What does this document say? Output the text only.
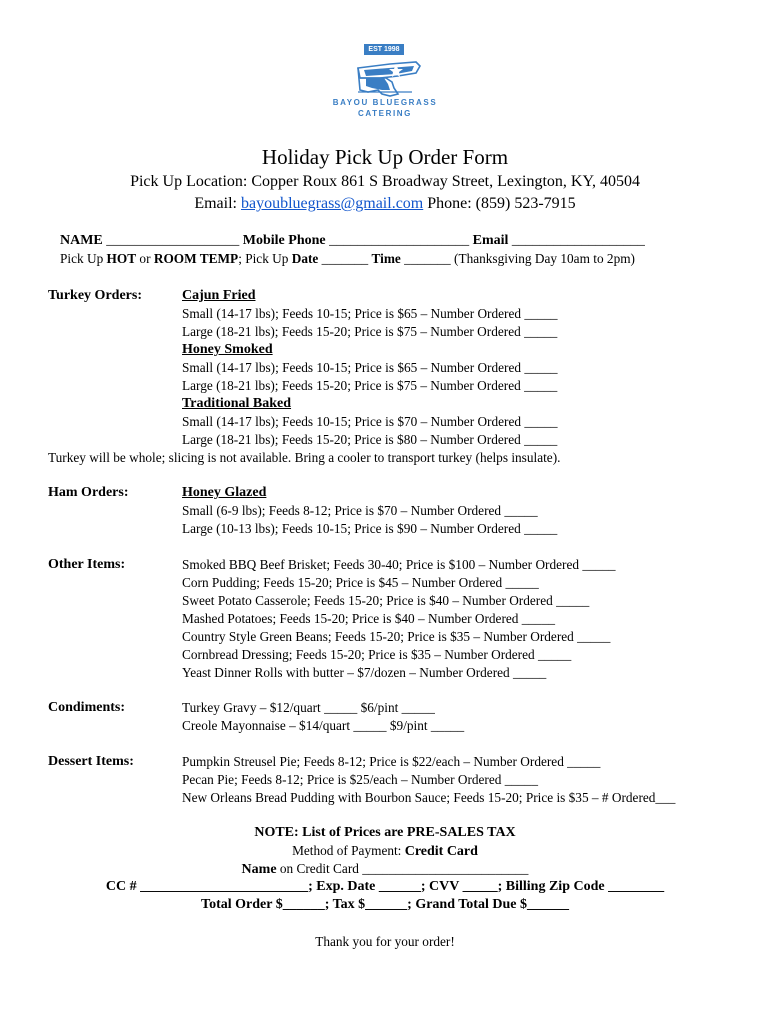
EST 1998
BAYOU BLUEGRASS
CATERING
Holiday Pick Up Order Form
Pick Up Location: Copper Roux 861 S Broadway Street, Lexington, KY, 40504
Email: bayoubluegrass@gmail.com Phone: (859) 523-7915
NAME ___________________ Mobile Phone ____________________ Email ___________________
Pick Up HOT or ROOM TEMP; Pick Up Date _______ Time _______ (Thanksgiving Day 10am to 2pm)
Turkey Orders:	Cajun Fried
Small (14-17 lbs); Feeds 10-15; Price is $65 – Number Ordered _____
Large (18-21 lbs); Feeds 15-20; Price is $75 – Number Ordered _____
Honey Smoked
Small (14-17 lbs); Feeds 10-15; Price is $65 – Number Ordered _____
Large (18-21 lbs); Feeds 15-20; Price is $75 – Number Ordered _____
Traditional Baked
Small (14-17 lbs); Feeds 10-15; Price is $70 – Number Ordered _____
Large (18-21 lbs); Feeds 15-20; Price is $80 – Number Ordered _____
Turkey will be whole; slicing is not available. Bring a cooler to transport turkey (helps insulate).
Ham Orders:	Honey Glazed
Small (6-9 lbs); Feeds 8-12; Price is $70 – Number Ordered _____
Large (10-13 lbs); Feeds 10-15; Price is $90 – Number Ordered _____
Other Items:	Smoked BBQ Beef Brisket; Feeds 30-40; Price is $100 – Number Ordered _____
Corn Pudding; Feeds 15-20; Price is $45 – Number Ordered _____
Sweet Potato Casserole; Feeds 15-20; Price is $40 – Number Ordered _____
Mashed Potatoes; Feeds 15-20; Price is $40 – Number Ordered _____
Country Style Green Beans; Feeds 15-20; Price is $35 – Number Ordered _____
Cornbread Dressing; Feeds 15-20; Price is $35 – Number Ordered _____
Yeast Dinner Rolls with butter – $7/dozen – Number Ordered _____
Condiments:	Turkey Gravy – $12/quart _____ $6/pint _____
Creole Mayonnaise – $14/quart _____ $9/pint _____
Dessert Items:	Pumpkin Streusel Pie; Feeds 8-12; Price is $22/each – Number Ordered _____
Pecan Pie; Feeds 8-12; Price is $25/each – Number Ordered _____
New Orleans Bread Pudding with Bourbon Sauce; Feeds 15-20; Price is $35 – # Ordered___
NOTE: List of Prices are PRE-SALES TAX
Method of Payment: Credit Card
Name on Credit Card _________________________
CC # ________________________; Exp. Date ______; CVV _____; Billing Zip Code ________
Total Order $______; Tax $______; Grand Total Due $______
Thank you for your order!
